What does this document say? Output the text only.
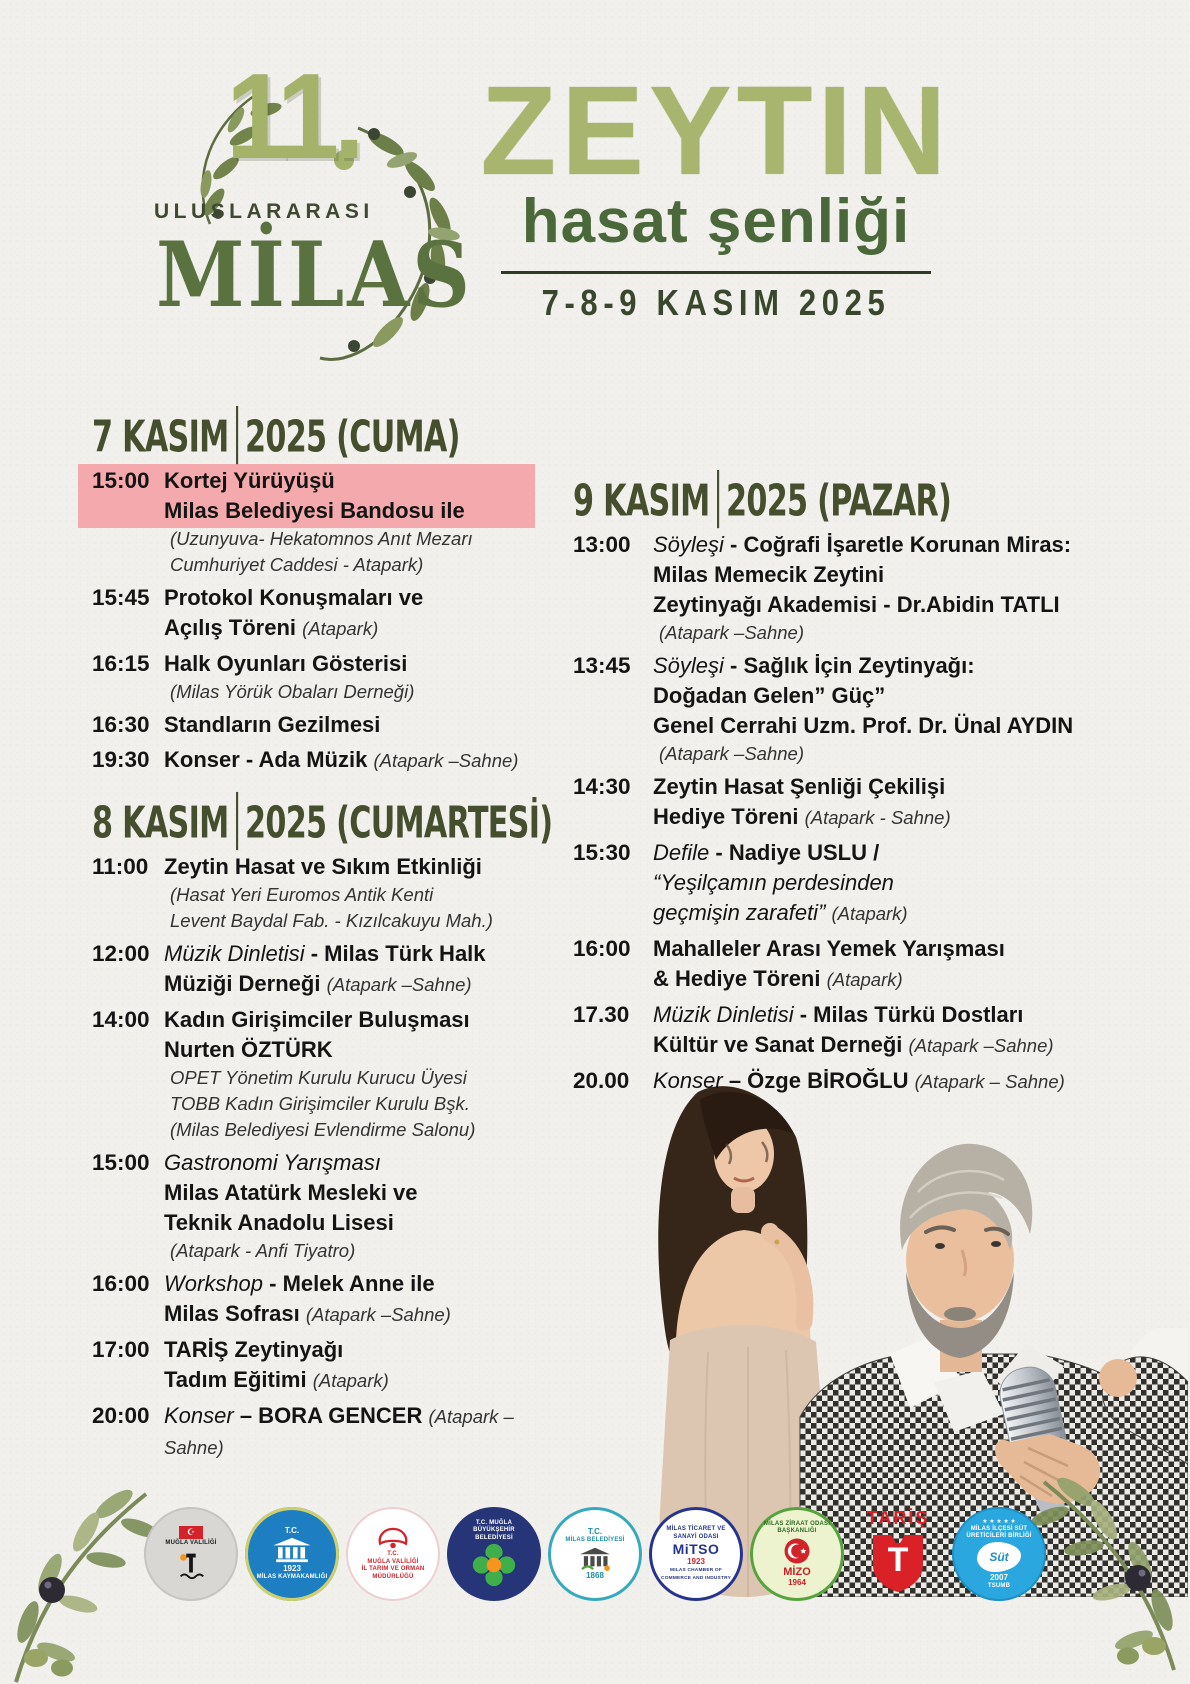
11.
ULUSLARARASI
MİLAS
ZEYTIN
hasat şenliği
7-8-9 KASIM 2025
7 KASIM 2025 (CUMA)
15:00 Kortej Yürüyüşü
Milas Belediyesi Bandosu ile
(Uzunyuva- Hekatomnos Anıt Mezarı
Cumhuriyet Caddesi - Atapark)
15:45 Protokol Konuşmaları ve
Açılış Töreni (Atapark)
16:15 Halk Oyunları Gösterisi
(Milas Yörük Obaları Derneği)
16:30 Standların Gezilmesi
19:30 Konser - Ada Müzik (Atapark –Sahne)
8 KASIM 2025 (CUMARTESİ)
11:00 Zeytin Hasat ve Sıkım Etkinliği
(Hasat Yeri Euromos Antik Kenti
Levent Baydal Fab. - Kızılcakuyu Mah.)
12:00 Müzik Dinletisi - Milas Türk Halk
Müziği Derneği (Atapark –Sahne)
14:00 Kadın Girişimciler Buluşması
Nurten ÖZTÜRK
OPET Yönetim Kurulu Kurucu Üyesi
TOBB Kadın Girişimciler Kurulu Bşk.
(Milas Belediyesi Evlendirme Salonu)
15:00 Gastronomi Yarışması
Milas Atatürk Mesleki ve
Teknik Anadolu Lisesi
(Atapark - Anfi Tiyatro)
16:00 Workshop - Melek Anne ile
Milas Sofrası (Atapark –Sahne)
17:00 TARİŞ Zeytinyağı
Tadım Eğitimi (Atapark)
20:00 Konser – BORA GENCER (Atapark – Sahne)
9 KASIM 2025 (PAZAR)
13:00	Söyleşi - Coğrafi İşaretle Korunan Miras:
Milas Memecik Zeytini
Zeytinyağı Akademisi - Dr.Abidin TATLI
(Atapark –Sahne)
13:45	Söyleşi - Sağlık İçin Zeytinyağı:
Doğadan Gelen” Güç”
Genel Cerrahi Uzm. Prof. Dr. Ünal AYDIN
(Atapark –Sahne)
14:30	Zeytin Hasat Şenliği Çekilişi
Hediye Töreni (Atapark - Sahne)
15:30	Defile - Nadiye USLU /
“Yeşilçamın perdesinden
geçmişin zarafeti” (Atapark)
16:00	Mahalleler Arası Yemek Yarışması
& Hediye Töreni (Atapark)
17.30	Müzik Dinletisi - Milas Türkü Dostları
Kültür ve Sanat Derneği (Atapark –Sahne)
20.00	Konser – Özge BİROĞLU (Atapark – Sahne)
☪
MUĞLA VALİLİĞİ
T.C.
1923
MİLAS KAYMAKAMLIĞI
T.C.
MUĞLA VALİLİĞİ
İL TARIM VE ORMAN
MÜDÜRLÜĞÜ
T.C. MUĞLA BÜYÜKŞEHİR BELEDİYESİ
T.C.
MİLAS BELEDİYESİ
1868
MİLAS TİCARET VE SANAYİ ODASI
MiTSO
1923
MILAS CHAMBER OF COMMERCE AND INDUSTRY
MİLAS ZİRAAT ODASI BAŞKANLIĞI
MİZO
1964
TARİŞ
T
★ ★ ★ ★ ★
MİLAS İLÇESİ SÜT ÜRETİCİLERİ BİRLİĞİ
Süt
2007
TSUMB
